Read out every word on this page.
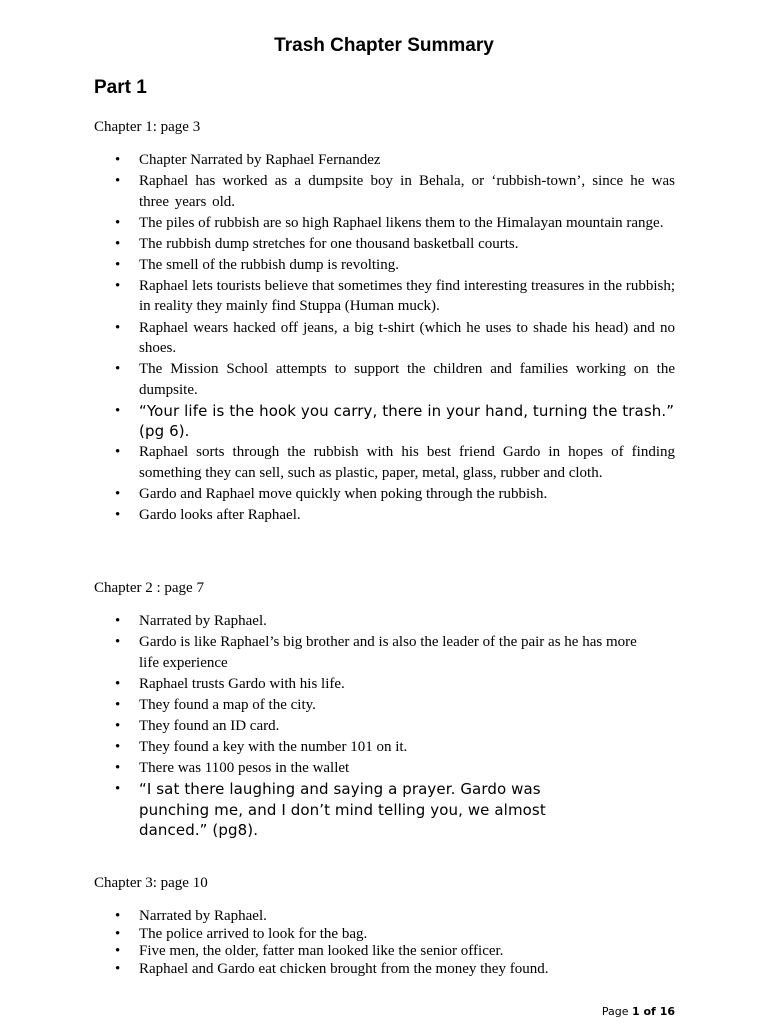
Trash Chapter Summary
Part 1
Chapter 1: page 3
• Chapter Narrated by Raphael Fernandez
• Raphael has worked as a dumpsite boy in Behala, or ‘rubbish-town’, since he was three years old.
• The piles of rubbish are so high Raphael likens them to the Himalayan mountain range.
• The rubbish dump stretches for one thousand basketball courts.
• The smell of the rubbish dump is revolting.
• Raphael lets tourists believe that sometimes they find interesting treasures in the rubbish; in reality they mainly find Stuppa (Human muck).
• Raphael wears hacked off jeans, a big t-shirt (which he uses to shade his head) and no shoes.
• The Mission School attempts to support the children and families working on the dumpsite.
• “Your life is the hook you carry, there in your hand, turning the trash.” (pg 6).
• Raphael sorts through the rubbish with his best friend Gardo in hopes of finding something they can sell, such as plastic, paper, metal, glass, rubber and cloth.
• Gardo and Raphael move quickly when poking through the rubbish.
• Gardo looks after Raphael.
Chapter 2 : page 7
• Narrated by Raphael.
• Gardo is like Raphael’s big brother and is also the leader of the pair as he has more life experience
• Raphael trusts Gardo with his life.
• They found a map of the city.
• They found an ID card.
• They found a key with the number 101 on it.
• There was 1100 pesos in the wallet
• “I sat there laughing and saying a prayer. Gardo was punching me, and I don’t mind telling you, we almost danced.” (pg8).
Chapter 3: page 10
• Narrated by Raphael.
• The police arrived to look for the bag.
• Five men, the older, fatter man looked like the senior officer.
• Raphael and Gardo eat chicken brought from the money they found.
Page 1 of 16
